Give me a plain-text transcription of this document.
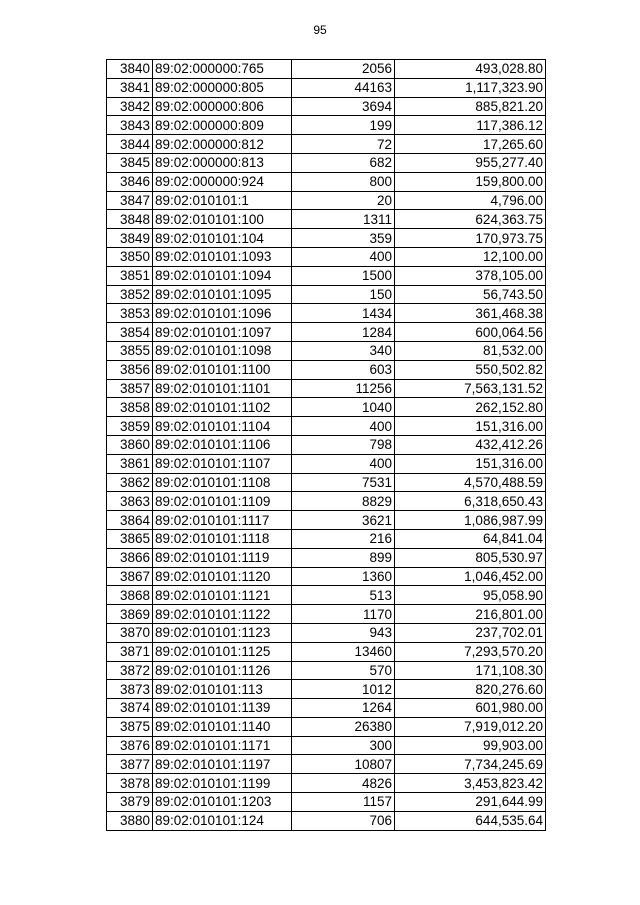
95
3840	89:02:000000:765	2056	493,028.80
3841	89:02:000000:805	44163	1,117,323.90
3842	89:02:000000:806	3694	885,821.20
3843	89:02:000000:809	199	117,386.12
3844	89:02:000000:812	72	17,265.60
3845	89:02:000000:813	682	955,277.40
3846	89:02:000000:924	800	159,800.00
3847	89:02:010101:1	20	4,796.00
3848	89:02:010101:100	1311	624,363.75
3849	89:02:010101:104	359	170,973.75
3850	89:02:010101:1093	400	12,100.00
3851	89:02:010101:1094	1500	378,105.00
3852	89:02:010101:1095	150	56,743.50
3853	89:02:010101:1096	1434	361,468.38
3854	89:02:010101:1097	1284	600,064.56
3855	89:02:010101:1098	340	81,532.00
3856	89:02:010101:1100	603	550,502.82
3857	89:02:010101:1101	11256	7,563,131.52
3858	89:02:010101:1102	1040	262,152.80
3859	89:02:010101:1104	400	151,316.00
3860	89:02:010101:1106	798	432,412.26
3861	89:02:010101:1107	400	151,316.00
3862	89:02:010101:1108	7531	4,570,488.59
3863	89:02:010101:1109	8829	6,318,650.43
3864	89:02:010101:1117	3621	1,086,987.99
3865	89:02:010101:1118	216	64,841.04
3866	89:02:010101:1119	899	805,530.97
3867	89:02:010101:1120	1360	1,046,452.00
3868	89:02:010101:1121	513	95,058.90
3869	89:02:010101:1122	1170	216,801.00
3870	89:02:010101:1123	943	237,702.01
3871	89:02:010101:1125	13460	7,293,570.20
3872	89:02:010101:1126	570	171,108.30
3873	89:02:010101:113	1012	820,276.60
3874	89:02:010101:1139	1264	601,980.00
3875	89:02:010101:1140	26380	7,919,012.20
3876	89:02:010101:1171	300	99,903.00
3877	89:02:010101:1197	10807	7,734,245.69
3878	89:02:010101:1199	4826	3,453,823.42
3879	89:02:010101:1203	1157	291,644.99
3880	89:02:010101:124	706	644,535.64
